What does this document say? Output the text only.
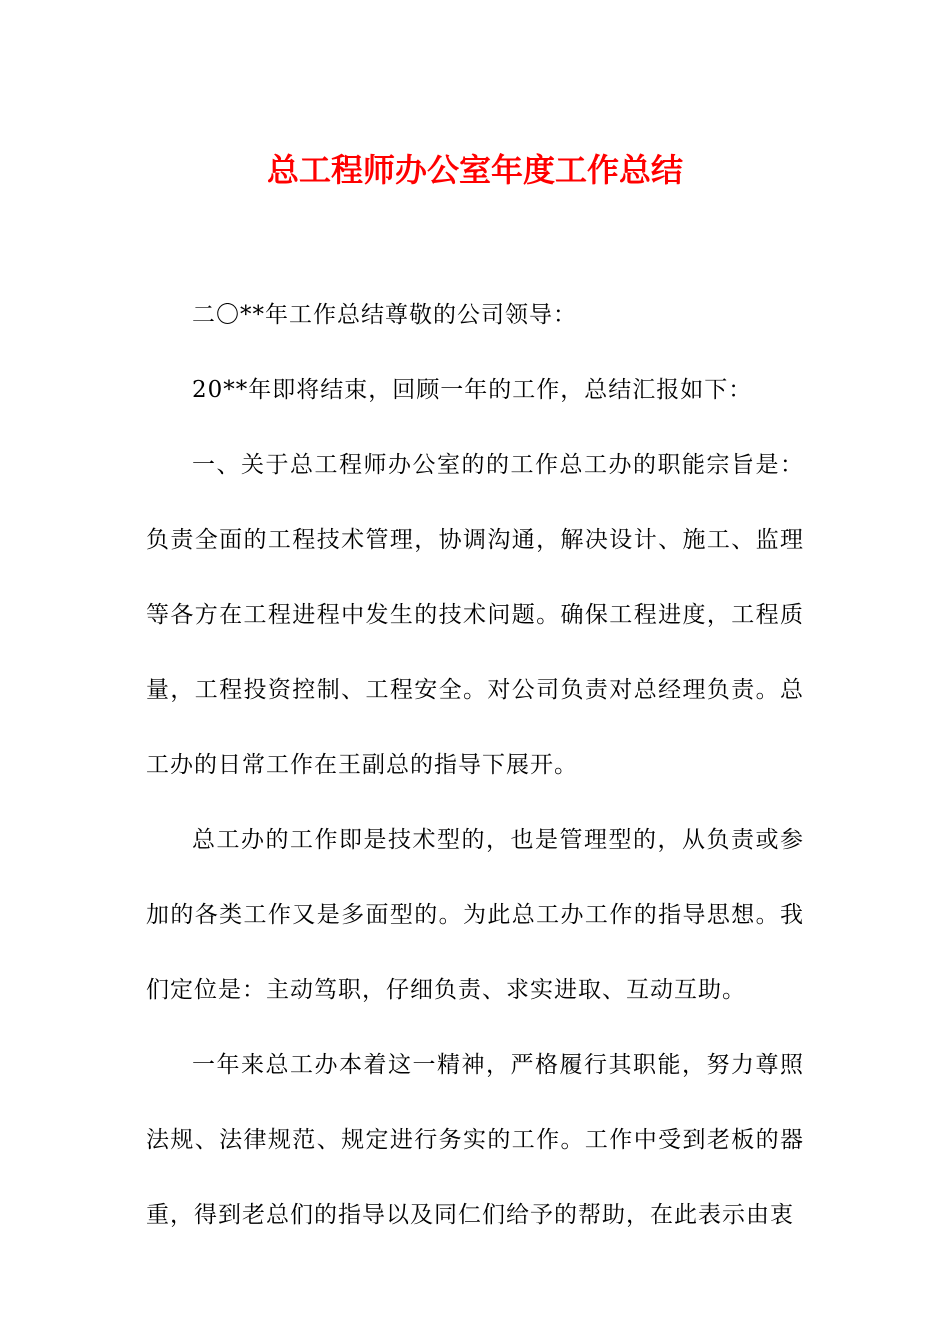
总工程师办公室年度工作总结

二〇**年工作总结尊敬的公司领导：

20**年即将结束，回顾一年的工作，总结汇报如下：

一、关于总工程师办公室的的工作总工办的职能宗旨是：负责全面的工程技术管理，协调沟通，解决设计、施工、监理等各方在工程进程中发生的技术问题。确保工程进度，工程质量，工程投资控制、工程安全。对公司负责对总经理负责。总工办的日常工作在王副总的指导下展开。

总工办的工作即是技术型的，也是管理型的，从负责或参加的各类工作又是多面型的。为此总工办工作的指导思想。我们定位是：主动笃职，仔细负责、求实进取、互动互助。

一年来总工办本着这一精神，严格履行其职能，努力尊照法规、法律规范、规定进行务实的工作。工作中受到老板的器重，得到老总们的指导以及同仁们给予的帮助，在此表示由衷
